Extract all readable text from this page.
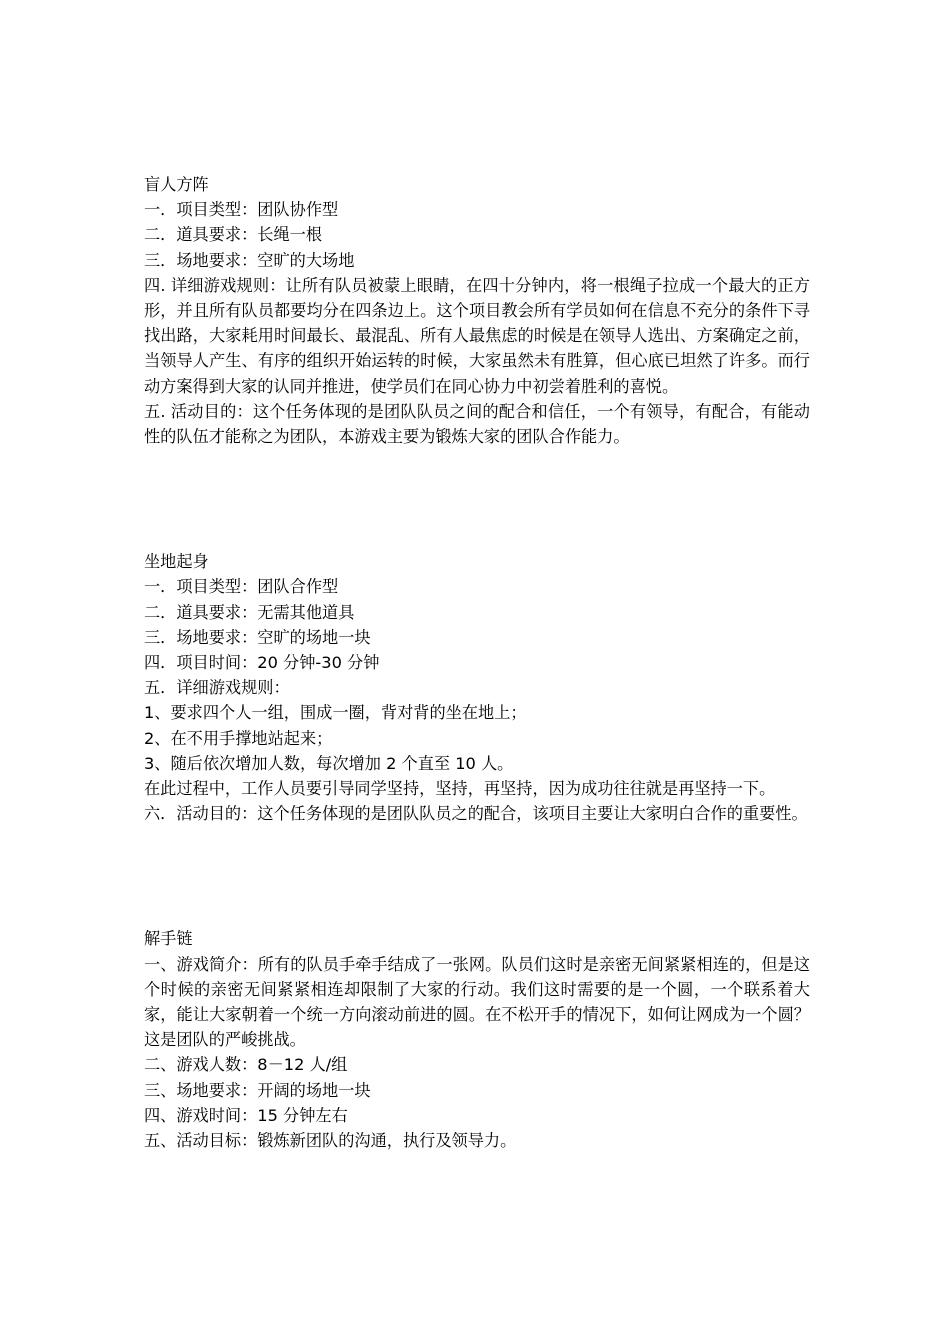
盲人方阵

一．项目类型：团队协作型

二．道具要求：长绳一根

三．场地要求：空旷的大场地

四. 详细游戏规则：让所有队员被蒙上眼睛，在四十分钟内，将一根绳子拉成一个最大的正方形，并且所有队员都要均分在四条边上。这个项目教会所有学员如何在信息不充分的条件下寻找出路，大家耗用时间最长、最混乱、所有人最焦虑的时候是在领导人选出、方案确定之前，当领导人产生、有序的组织开始运转的时候，大家虽然未有胜算，但心底已坦然了许多。而行动方案得到大家的认同并推进，使学员们在同心协力中初尝着胜利的喜悦。

五. 活动目的：这个任务体现的是团队队员之间的配合和信任，一个有领导，有配合，有能动性的队伍才能称之为团队，本游戏主要为锻炼大家的团队合作能力。

坐地起身

一．项目类型：团队合作型

二．道具要求：无需其他道具

三．场地要求：空旷的场地一块

四．项目时间：20 分钟-30 分钟

五．详细游戏规则：

1、要求四个人一组，围成一圈，背对背的坐在地上；

2、在不用手撑地站起来；

3、随后依次增加人数，每次增加 2 个直至 10 人。

在此过程中，工作人员要引导同学坚持，坚持，再坚持，因为成功往往就是再坚持一下。

六．活动目的：这个任务体现的是团队队员之的配合，该项目主要让大家明白合作的重要性。

解手链

一、游戏简介：所有的队员手牵手结成了一张网。队员们这时是亲密无间紧紧相连的，但是这个时候的亲密无间紧紧相连却限制了大家的行动。我们这时需要的是一个圆，一个联系着大家，能让大家朝着一个统一方向滚动前进的圆。在不松开手的情况下，如何让网成为一个圆？这是团队的严峻挑战。

二、游戏人数：8－12 人/组

三、场地要求：开阔的场地一块

四、游戏时间：15 分钟左右

五、活动目标：锻炼新团队的沟通，执行及领导力。
